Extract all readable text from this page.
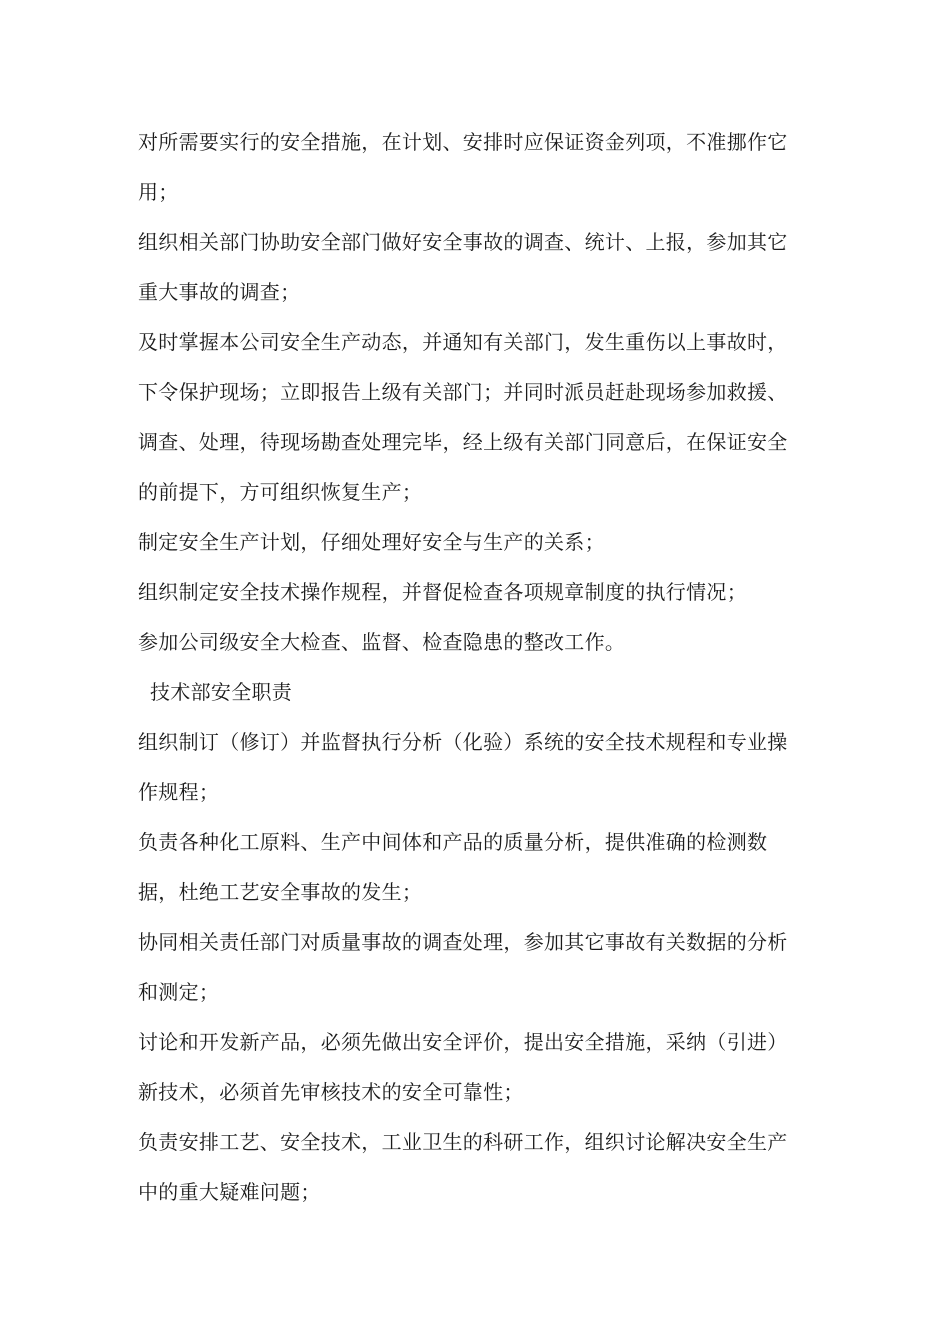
对所需要实行的安全措施，在计划、安排时应保证资金列项，不准挪作它
用；
组织相关部门协助安全部门做好安全事故的调查、统计、上报，参加其它
重大事故的调查；
及时掌握本公司安全生产动态，并通知有关部门，发生重伤以上事故时，
下令保护现场；立即报告上级有关部门；并同时派员赶赴现场参加救援、
调查、处理，待现场勘查处理完毕，经上级有关部门同意后，在保证安全
的前提下，方可组织恢复生产；
制定安全生产计划，仔细处理好安全与生产的关系；
组织制定安全技术操作规程，并督促检查各项规章制度的执行情况；
参加公司级安全大检查、监督、检查隐患的整改工作。
技术部安全职责
组织制订（修订）并监督执行分析（化验）系统的安全技术规程和专业操
作规程；
负责各种化工原料、生产中间体和产品的质量分析，提供准确的检测数
据，杜绝工艺安全事故的发生；
协同相关责任部门对质量事故的调查处理，参加其它事故有关数据的分析
和测定；
讨论和开发新产品，必须先做出安全评价，提出安全措施，采纳（引进）
新技术，必须首先审核技术的安全可靠性；
负责安排工艺、安全技术，工业卫生的科研工作，组织讨论解决安全生产
中的重大疑难问题；
